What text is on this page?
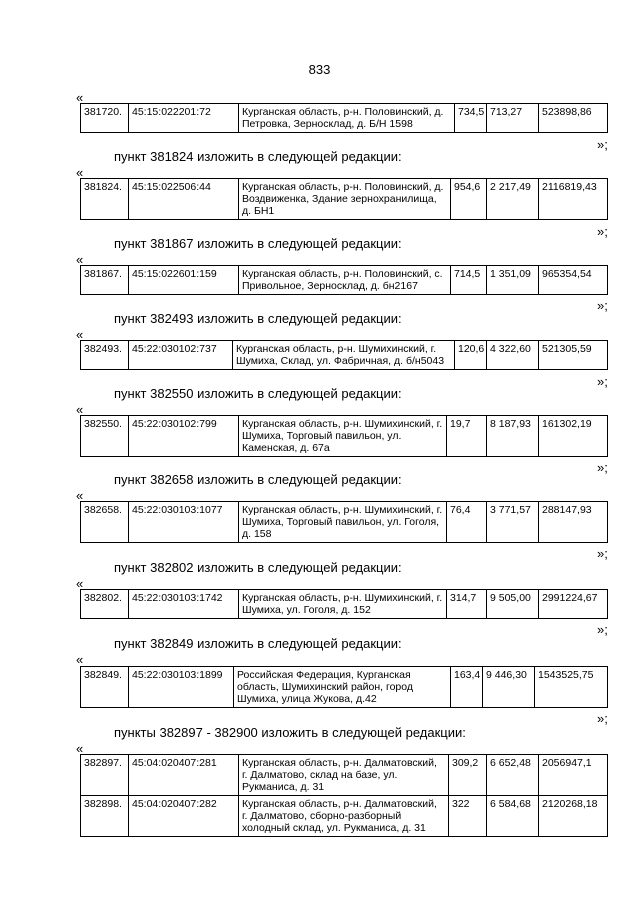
833
«
381720.	45:15:022201:72	Курганская область, р-н. Половинский, д. Петровка, Зерносклад, д. Б/Н 1598	734,5	713,27	523898,86
»;
пункт 381824 изложить в следующей редакции:
«
381824.	45:15:022506:44	Курганская область, р-н. Половинский, д. Воздвиженка, Здание зернохранилища, д. БН1	954,6	2 217,49	2116819,43
»;
пункт 381867 изложить в следующей редакции:
«
381867.	45:15:022601:159	Курганская область, р-н. Половинский, с. Привольное, Зерносклад, д. бн2167	714,5	1 351,09	965354,54
»;
пункт 382493 изложить в следующей редакции:
«
382493.	45:22:030102:737	Курганская область, р-н. Шумихинский, г. Шумиха, Склад, ул. Фабричная, д. б/н5043	120,6	4 322,60	521305,59
»;
пункт 382550 изложить в следующей редакции:
«
382550.	45:22:030102:799	Курганская область, р-н. Шумихинский, г. Шумиха, Торговый павильон, ул. Каменская, д. 67а	19,7	8 187,93	161302,19
»;
пункт 382658 изложить в следующей редакции:
«
382658.	45:22:030103:1077	Курганская область, р-н. Шумихинский, г. Шумиха, Торговый павильон, ул. Гоголя, д. 158	76,4	3 771,57	288147,93
»;
пункт 382802 изложить в следующей редакции:
«
382802.	45:22:030103:1742	Курганская область, р-н. Шумихинский, г. Шумиха, ул. Гоголя, д. 152	314,7	9 505,00	2991224,67
»;
пункт 382849 изложить в следующей редакции:
«
382849.	45:22:030103:1899	Российская Федерация, Курганская область, Шумихинский район, город Шумиха, улица Жукова, д.42	163,4	9 446,30	1543525,75
»;
пункты 382897 - 382900 изложить в следующей редакции:
«
382897.	45:04:020407:281	Курганская область, р-н. Далматовский, г. Далматово, склад на базе, ул. Рукманиса, д. 31	309,2	6 652,48	2056947,1
382898.	45:04:020407:282	Курганская область, р-н. Далматовский, г. Далматово, сборно-разборный холодный склад, ул. Рукманиса, д. 31	322	6 584,68	2120268,18
